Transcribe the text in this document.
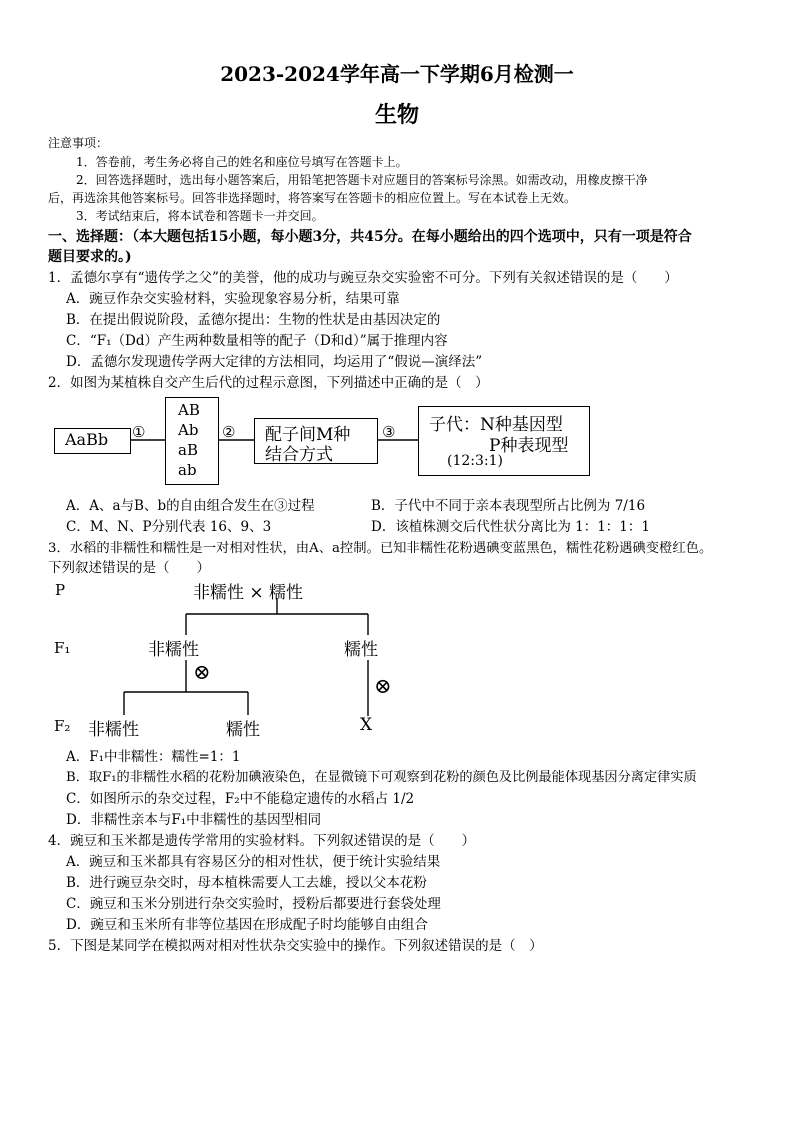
2023-2024学年高一下学期6月检测一
生物
注意事项：
1．答卷前，考生务必将自己的姓名和座位号填写在答题卡上。
2．回答选择题时，选出每小题答案后，用铅笔把答题卡对应题目的答案标号涂黑。如需改动，用橡皮擦干净
后，再选涂其他答案标号。回答非选择题时，将答案写在答题卡的相应位置上。写在本试卷上无效。
3．考试结束后，将本试卷和答题卡一并交回。
一、选择题：（本大题包括15小题，每小题3分，共45分。在每小题给出的四个选项中，只有一项是符合
题目要求的。)
1．孟德尔享有“遗传学之父”的美誉，他的成功与豌豆杂交实验密不可分。下列有关叙述错误的是（　　）
A．豌豆作杂交实验材料，实验现象容易分析，结果可靠
B．在提出假说阶段，孟德尔提出：生物的性状是由基因决定的
C．“F₁（Dd）产生两种数量相等的配子（D和d）”属于推理内容
D．孟德尔发现遗传学两大定律的方法相同，均运用了“假说—演绎法”
2．如图为某植株自交产生后代的过程示意图，下列描述中正确的是（　）
AaBb ①
AB
Ab
aB
ab
② 配子间M种
结合方式
③ 子代：N种基因型
P种表现型
(12:3:1)
A．A、a与B、b的自由组合发生在③过程	B．子代中不同于亲本表现型所占比例为 7/16
C．M、N、P分别代表 16、9、3	D．该植株测交后代性状分离比为 1：1：1：1
3．水稻的非糯性和糯性是一对相对性状，由A、a控制。已知非糯性花粉遇碘变蓝黑色，糯性花粉遇碘变橙红色。
下列叙述错误的是（　　）
P	非糯性 × 糯性
F₁	非糯性	糯性
⊗
⊗
F₂ 非糯性	糯性	X
A．F₁中非糯性：糯性=1：1
B．取F₁的非糯性水稻的花粉加碘液染色，在显微镜下可观察到花粉的颜色及比例最能体现基因分离定律实质
C．如图所示的杂交过程，F₂中不能稳定遗传的水稻占 1/2
D．非糯性亲本与F₁中非糯性的基因型相同
4．豌豆和玉米都是遗传学常用的实验材料。下列叙述错误的是（　　）
A．豌豆和玉米都具有容易区分的相对性状，便于统计实验结果
B．进行豌豆杂交时，母本植株需要人工去雄，授以父本花粉
C．豌豆和玉米分别进行杂交实验时，授粉后都要进行套袋处理
D．豌豆和玉米所有非等位基因在形成配子时均能够自由组合
5．下图是某同学在模拟两对相对性状杂交实验中的操作。下列叙述错误的是（　）
